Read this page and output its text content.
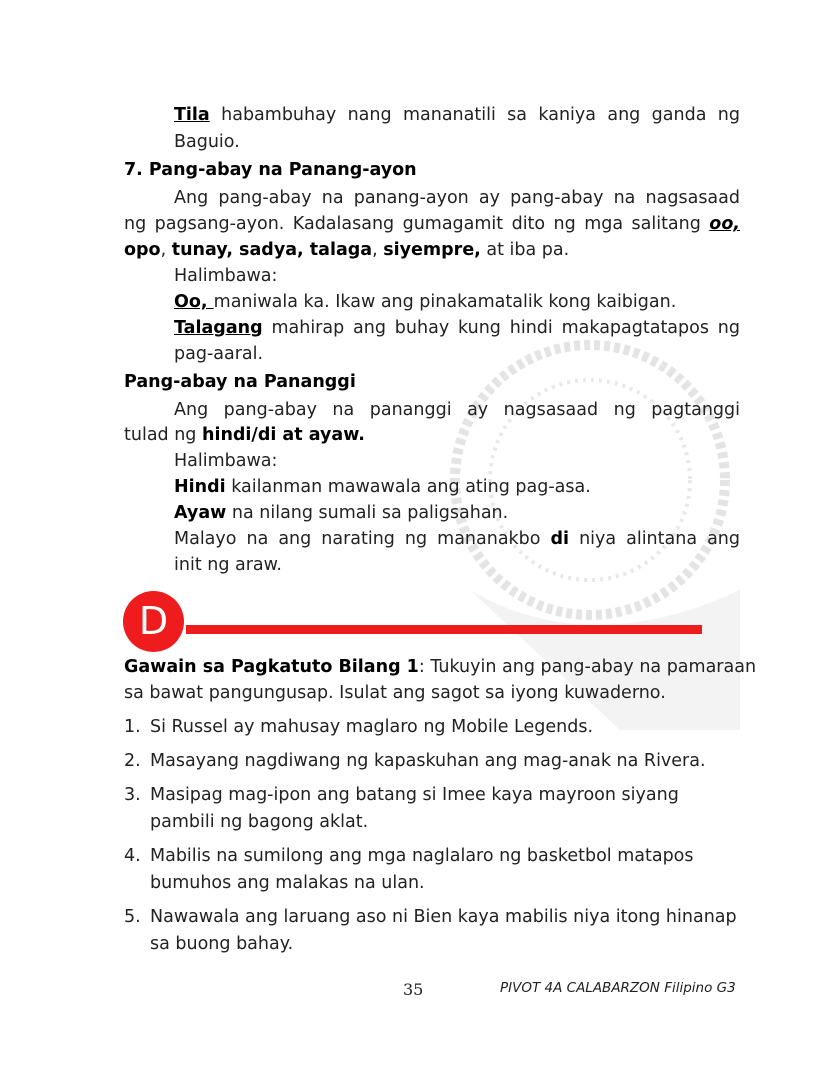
Tila habambuhay nang mananatili sa kaniya ang ganda ng

Baguio.

7. Pang-abay na Panang-ayon

Ang pang-abay na panang-ayon ay pang-abay na nagsasaad

ng pagsang-ayon. Kadalasang gumagamit dito ng mga salitang oo,

opo, tunay, sadya, talaga, siyempre, at iba pa.

Halimbawa:

Oo, maniwala ka. Ikaw ang pinakamatalik kong kaibigan.

Talagang mahirap ang buhay kung hindi makapagtatapos ng

pag-aaral.

Pang-abay na Pananggi

Ang pang-abay na pananggi ay nagsasaad ng pagtanggi

tulad ng hindi/di at ayaw.

Halimbawa:

Hindi kailanman mawawala ang ating pag-asa.

Ayaw na nilang sumali sa paligsahan.

Malayo na ang narating ng mananakbo di niya alintana ang

init ng araw.

D

Gawain sa Pagkatuto Bilang 1: Tukuyin ang pang-abay na pamaraan

sa bawat pangungusap. Isulat ang sagot sa iyong kuwaderno.

1. Si Russel ay mahusay maglaro ng Mobile Legends.
2. Masayang nagdiwang ng kapaskuhan ang mag-anak na Rivera.
3. Masipag mag-ipon ang batang si Imee kaya mayroon siyang
pambili ng bagong aklat.
4. Mabilis na sumilong ang mga naglalaro ng basketbol matapos
bumuhos ang malakas na ulan.
5. Nawawala ang laruang aso ni Bien kaya mabilis niya itong hinanap
sa buong bahay.
35	PIVOT 4A CALABARZON Filipino G3
